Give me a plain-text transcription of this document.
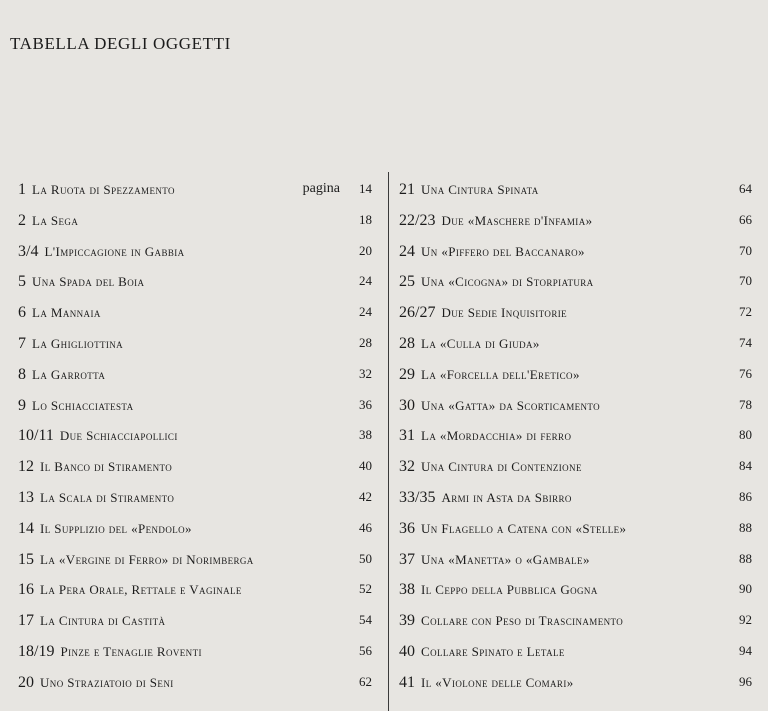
TABELLA DEGLI OGGETTI
1 La Ruota di Spezzamento	pagina 14
2 La Sega	18
3/4 L'Impiccagione in Gabbia	20
5 Una Spada del Boia	24
6 La Mannaia	24
7 La Ghigliottina	28
8 La Garrotta	32
9 Lo Schiacciatesta	36
10/11 Due Schiacciapollici	38
12 Il Banco di Stiramento	40
13 La Scala di Stiramento	42
14 Il Supplizio del «Pendolo»	46
15 La «Vergine di Ferro» di Norimberga	50
16 La Pera Orale, Rettale e Vaginale	52
17 La Cintura di Castità	54
18/19 Pinze e Tenaglie Roventi	56
20 Uno Straziatoio di Seni	62
21 Una Cintura Spinata	64
22/23 Due «Maschere d'Infamia»	66
24 Un «Piffero del Baccanaro»	70
25 Una «Cicogna» di Storpiatura	70
26/27 Due Sedie Inquisitorie	72
28 La «Culla di Giuda»	74
29 La «Forcella dell'Eretico»	76
30 Una «Gatta» da Scorticamento	78
31 La «Mordacchia» di ferro	80
32 Una Cintura di Contenzione	84
33/35 Armi in Asta da Sbirro	86
36 Un Flagello a Catena con «Stelle»	88
37 Una «Manetta» o «Gambale»	88
38 Il Ceppo della Pubblica Gogna	90
39 Collare con Peso di Trascinamento	92
40 Collare Spinato e Letale	94
41 Il «Violone delle Comari»	96
